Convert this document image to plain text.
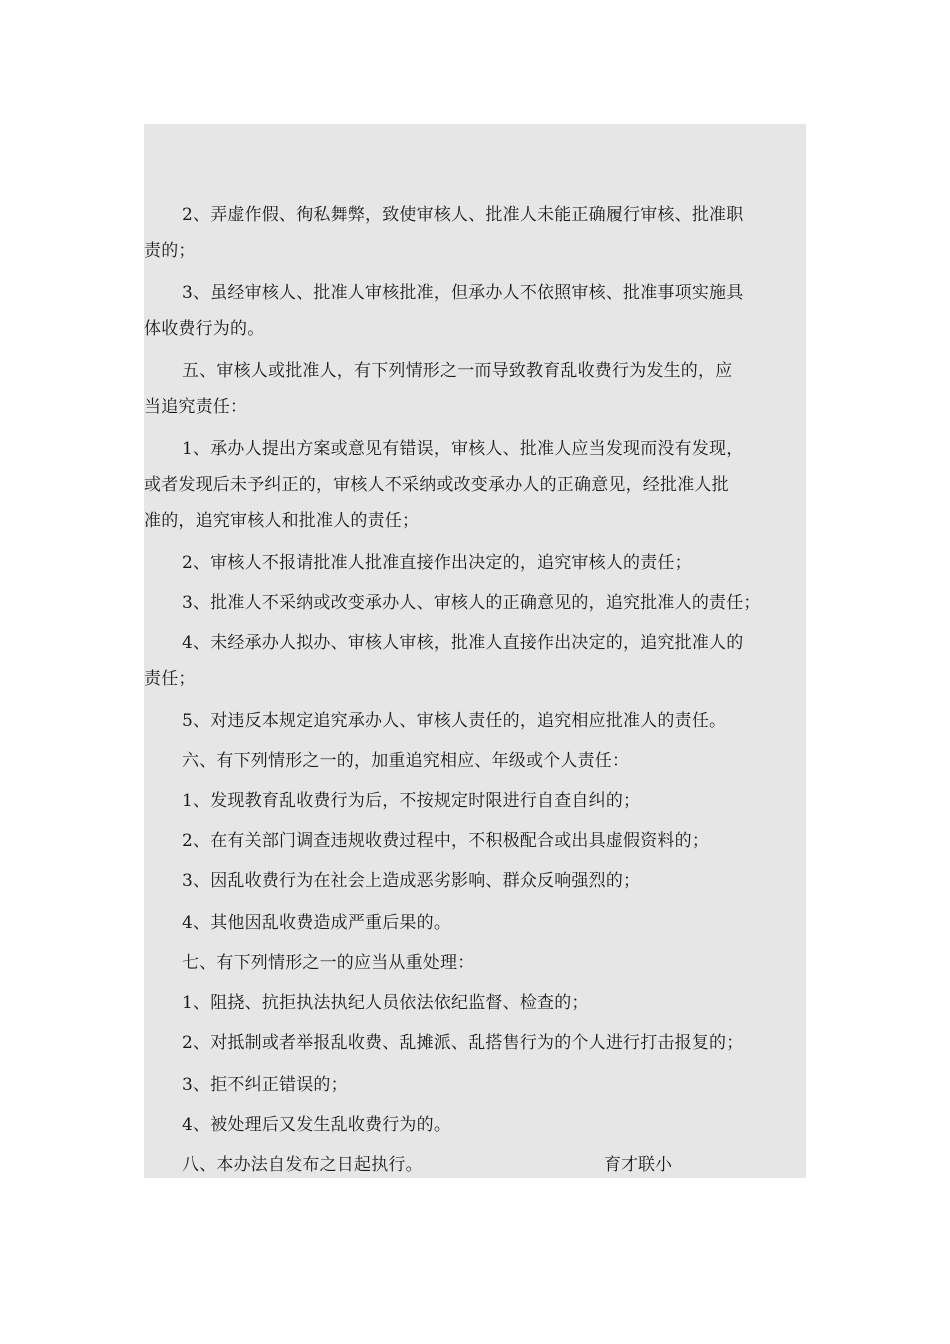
2、弄虚作假、徇私舞弊，致使审核人、批准人未能正确履行审核、批准职

责的；

3、虽经审核人、批准人审核批准，但承办人不依照审核、批准事项实施具

体收费行为的。

五、审核人或批准人，有下列情形之一而导致教育乱收费行为发生的，应

当追究责任：

1、承办人提出方案或意见有错误，审核人、批准人应当发现而没有发现，

或者发现后未予纠正的，审核人不采纳或改变承办人的正确意见，经批准人批

准的，追究审核人和批准人的责任；

2、审核人不报请批准人批准直接作出决定的，追究审核人的责任；

3、批准人不采纳或改变承办人、审核人的正确意见的，追究批准人的责任；

4、未经承办人拟办、审核人审核，批准人直接作出决定的，追究批准人的

责任；

5、对违反本规定追究承办人、审核人责任的，追究相应批准人的责任。

六、有下列情形之一的，加重追究相应、年级或个人责任：

1、发现教育乱收费行为后，不按规定时限进行自查自纠的；

2、在有关部门调查违规收费过程中，不积极配合或出具虚假资料的；

3、因乱收费行为在社会上造成恶劣影响、群众反响强烈的；

4、其他因乱收费造成严重后果的。

七、有下列情形之一的应当从重处理：

1、阻挠、抗拒执法执纪人员依法依纪监督、检查的；

2、对抵制或者举报乱收费、乱摊派、乱搭售行为的个人进行打击报复的；

3、拒不纠正错误的；

4、被处理后又发生乱收费行为的。

八、本办法自发布之日起执行。

	育才联小
